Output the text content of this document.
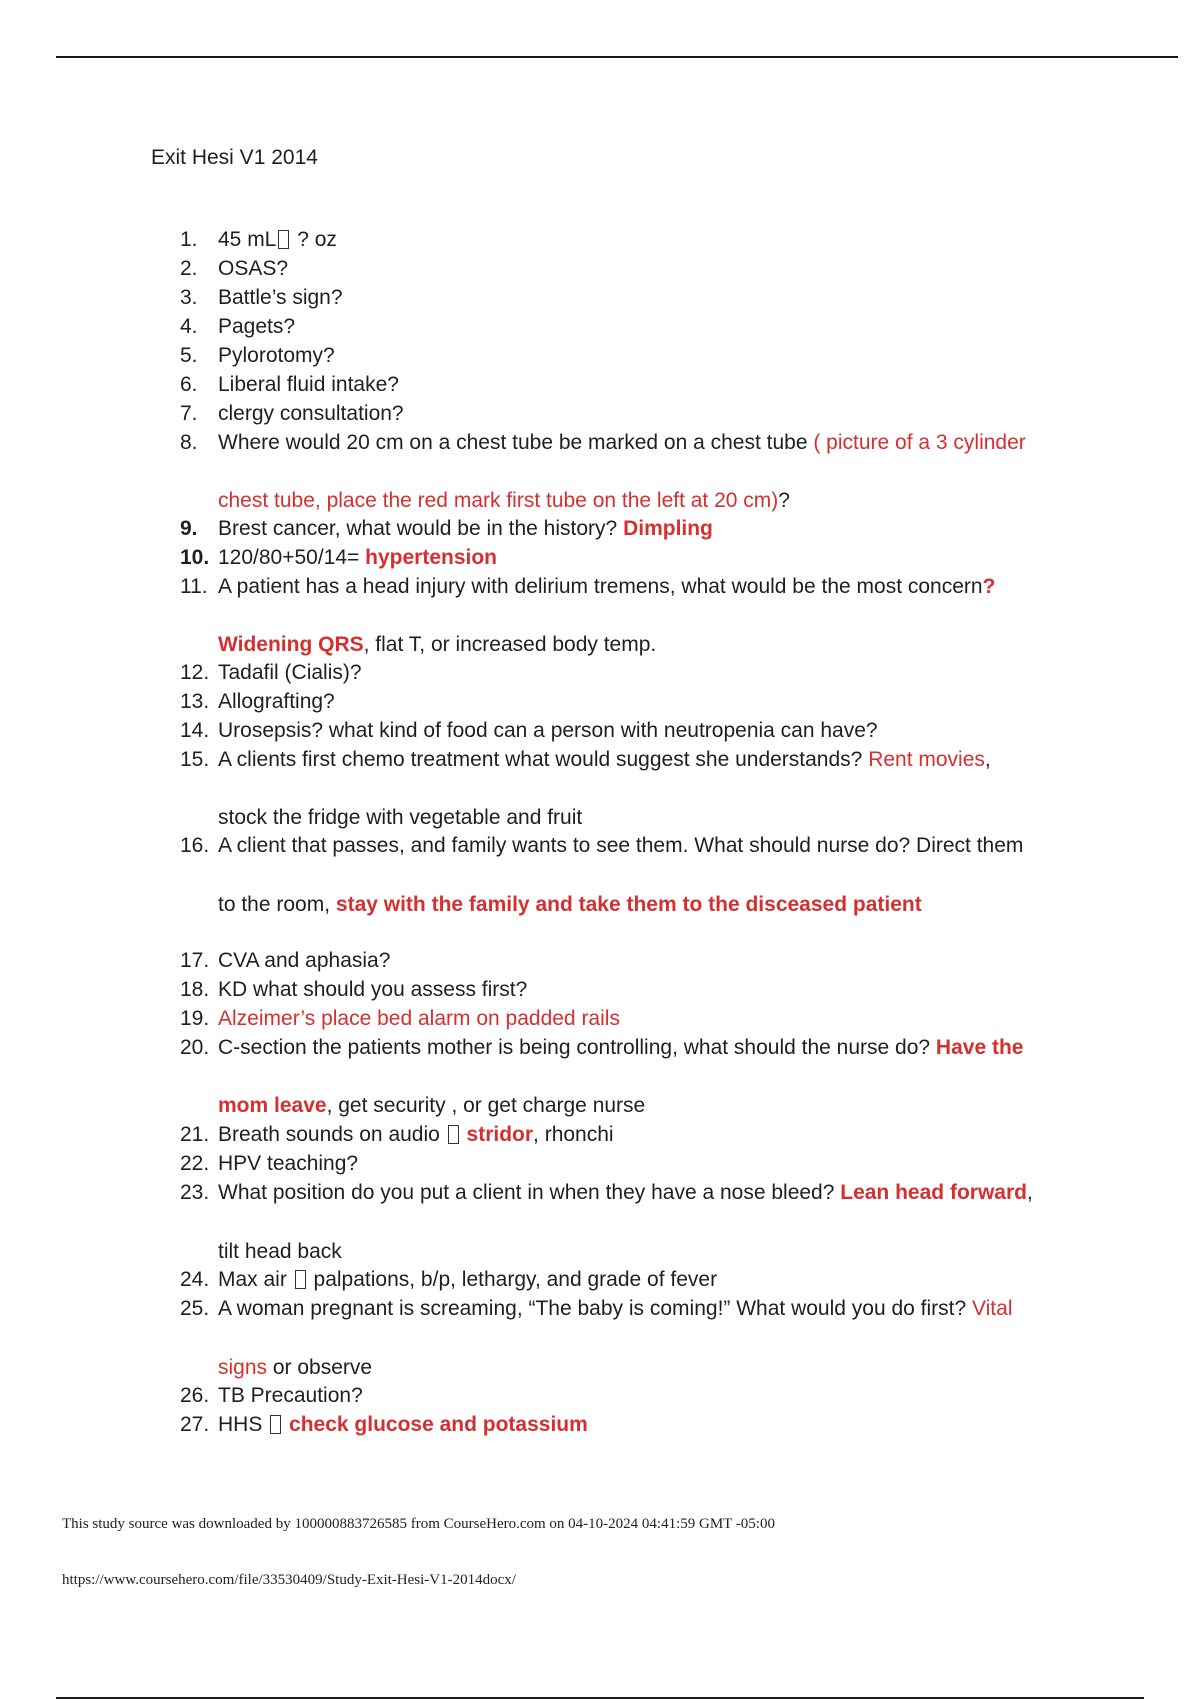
Exit Hesi V1 2014
1. 45 mL ? oz
2. OSAS?
3. Battle’s sign?
4. Pagets?
5. Pylorotomy?
6. Liberal fluid intake?
7. clergy consultation?
8. Where would 20 cm on a chest tube be marked on a chest tube ( picture of a 3 cylinder
chest tube, place the red mark first tube on the left at 20 cm)?
9. Brest cancer, what would be in the history? Dimpling
10. 120/80+50/14= hypertension
11. A patient has a head injury with delirium tremens, what would be the most concern?
Widening QRS, flat T, or increased body temp.
12. Tadafil (Cialis)?
13. Allografting?
14. Urosepsis? what kind of food can a person with neutropenia can have?
15. A clients first chemo treatment what would suggest she understands? Rent movies,
stock the fridge with vegetable and fruit
16. A client that passes, and family wants to see them. What should nurse do? Direct them
to the room, stay with the family and take them to the disceased patient
17. CVA and aphasia?
18. KD what should you assess first?
19. Alzeimer’s place bed alarm on padded rails
20. C-section the patients mother is being controlling, what should the nurse do? Have the
mom leave, get security , or get charge nurse
21. Breath sounds on audio  stridor, rhonchi
22. HPV teaching?
23. What position do you put a client in when they have a nose bleed? Lean head forward,
tilt head back
24. Max air  palpations, b/p, lethargy, and grade of fever
25. A woman pregnant is screaming, “The baby is coming!” What would you do first? Vital
signs or observe
26. TB Precaution?
27. HHS  check glucose and potassium
This study source was downloaded by 100000883726585 from CourseHero.com on 04-10-2024 04:41:59 GMT -05:00
https://www.coursehero.com/file/33530409/Study-Exit-Hesi-V1-2014docx/
